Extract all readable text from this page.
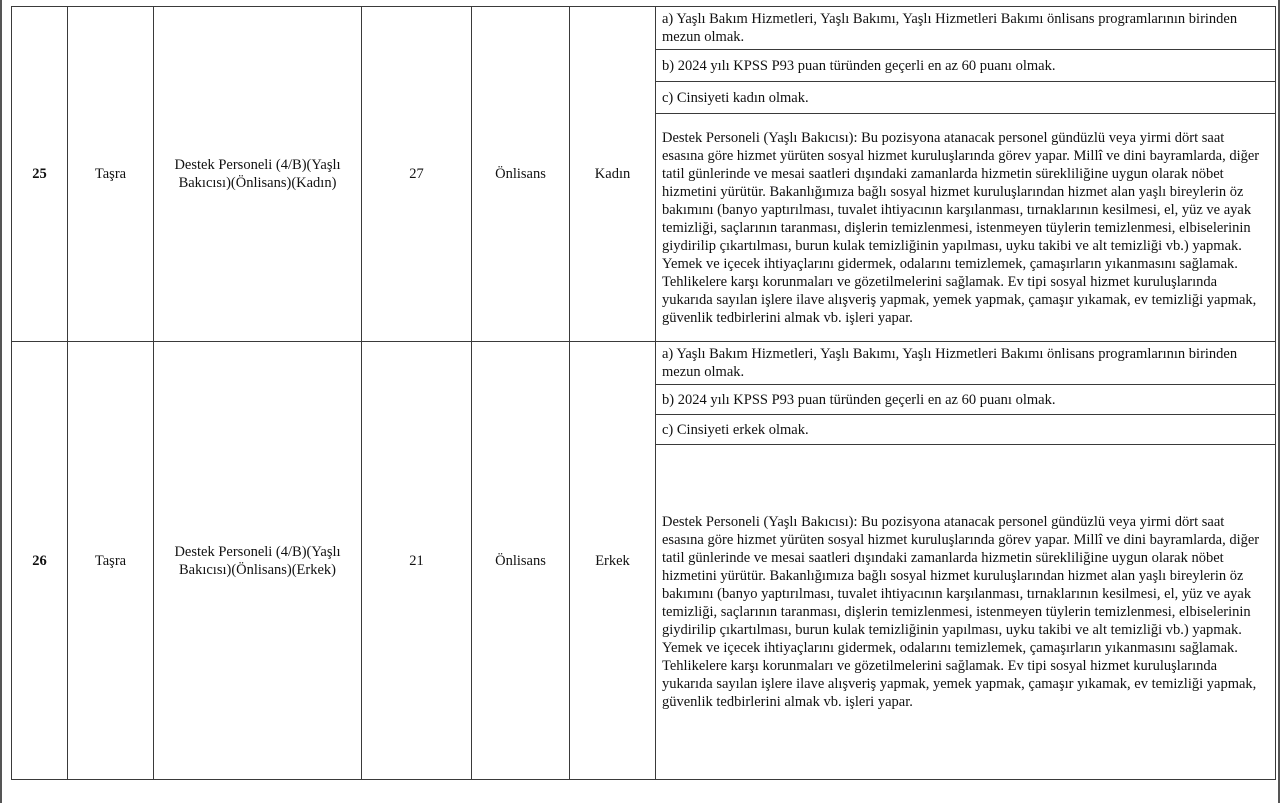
25	Taşra	Destek Personeli (4/B)(Yaşlı Bakıcısı)(Önlisans)(Kadın)	27	Önlisans	Kadın	a) Yaşlı Bakım Hizmetleri, Yaşlı Bakımı, Yaşlı Hizmetleri Bakımı önlisans programlarının birinden mezun olmak.
						b) 2024 yılı KPSS P93 puan türünden geçerli en az 60 puanı olmak.
						c) Cinsiyeti kadın olmak.
						Destek Personeli (Yaşlı Bakıcısı): Bu pozisyona atanacak personel gündüzlü veya yirmi dört saat esasına göre hizmet yürüten sosyal hizmet kuruluşlarında görev yapar. Millî ve dini bayramlarda, diğer tatil günlerinde ve mesai saatleri dışındaki zamanlarda hizmetin sürekliliğine uygun olarak nöbet hizmetini yürütür. Bakanlığımıza bağlı sosyal hizmet kuruluşlarından hizmet alan yaşlı bireylerin öz bakımını (banyo yaptırılması, tuvalet ihtiyacının karşılanması, tırnaklarının kesilmesi, el, yüz ve ayak temizliği, saçlarının taranması, dişlerin temizlenmesi, istenmeyen tüylerin temizlenmesi, elbiselerinin giydirilip çıkartılması, burun kulak temizliğinin yapılması, uyku takibi ve alt temizliği vb.) yapmak. Yemek ve içecek ihtiyaçlarını gidermek, odalarını temizlemek, çamaşırların yıkanmasını sağlamak. Tehlikelere karşı korunmaları ve gözetilmelerini sağlamak. Ev tipi sosyal hizmet kuruluşlarında yukarıda sayılan işlere ilave alışveriş yapmak, yemek yapmak, çamaşır yıkamak, ev temizliği yapmak, güvenlik tedbirlerini almak vb. işleri yapar.
26	Taşra	Destek Personeli (4/B)(Yaşlı Bakıcısı)(Önlisans)(Erkek)	21	Önlisans	Erkek	a) Yaşlı Bakım Hizmetleri, Yaşlı Bakımı, Yaşlı Hizmetleri Bakımı önlisans programlarının birinden mezun olmak.
						b) 2024 yılı KPSS P93 puan türünden geçerli en az 60 puanı olmak.
						c) Cinsiyeti erkek olmak.
						Destek Personeli (Yaşlı Bakıcısı): Bu pozisyona atanacak personel gündüzlü veya yirmi dört saat esasına göre hizmet yürüten sosyal hizmet kuruluşlarında görev yapar. Millî ve dini bayramlarda, diğer tatil günlerinde ve mesai saatleri dışındaki zamanlarda hizmetin sürekliliğine uygun olarak nöbet hizmetini yürütür. Bakanlığımıza bağlı sosyal hizmet kuruluşlarından hizmet alan yaşlı bireylerin öz bakımını (banyo yaptırılması, tuvalet ihtiyacının karşılanması, tırnaklarının kesilmesi, el, yüz ve ayak temizliği, saçlarının taranması, dişlerin temizlenmesi, istenmeyen tüylerin temizlenmesi, elbiselerinin giydirilip çıkartılması, burun kulak temizliğinin yapılması, uyku takibi ve alt temizliği vb.) yapmak. Yemek ve içecek ihtiyaçlarını gidermek, odalarını temizlemek, çamaşırların yıkanmasını sağlamak. Tehlikelere karşı korunmaları ve gözetilmelerini sağlamak. Ev tipi sosyal hizmet kuruluşlarında yukarıda sayılan işlere ilave alışveriş yapmak, yemek yapmak, çamaşır yıkamak, ev temizliği yapmak, güvenlik tedbirlerini almak vb. işleri yapar.
